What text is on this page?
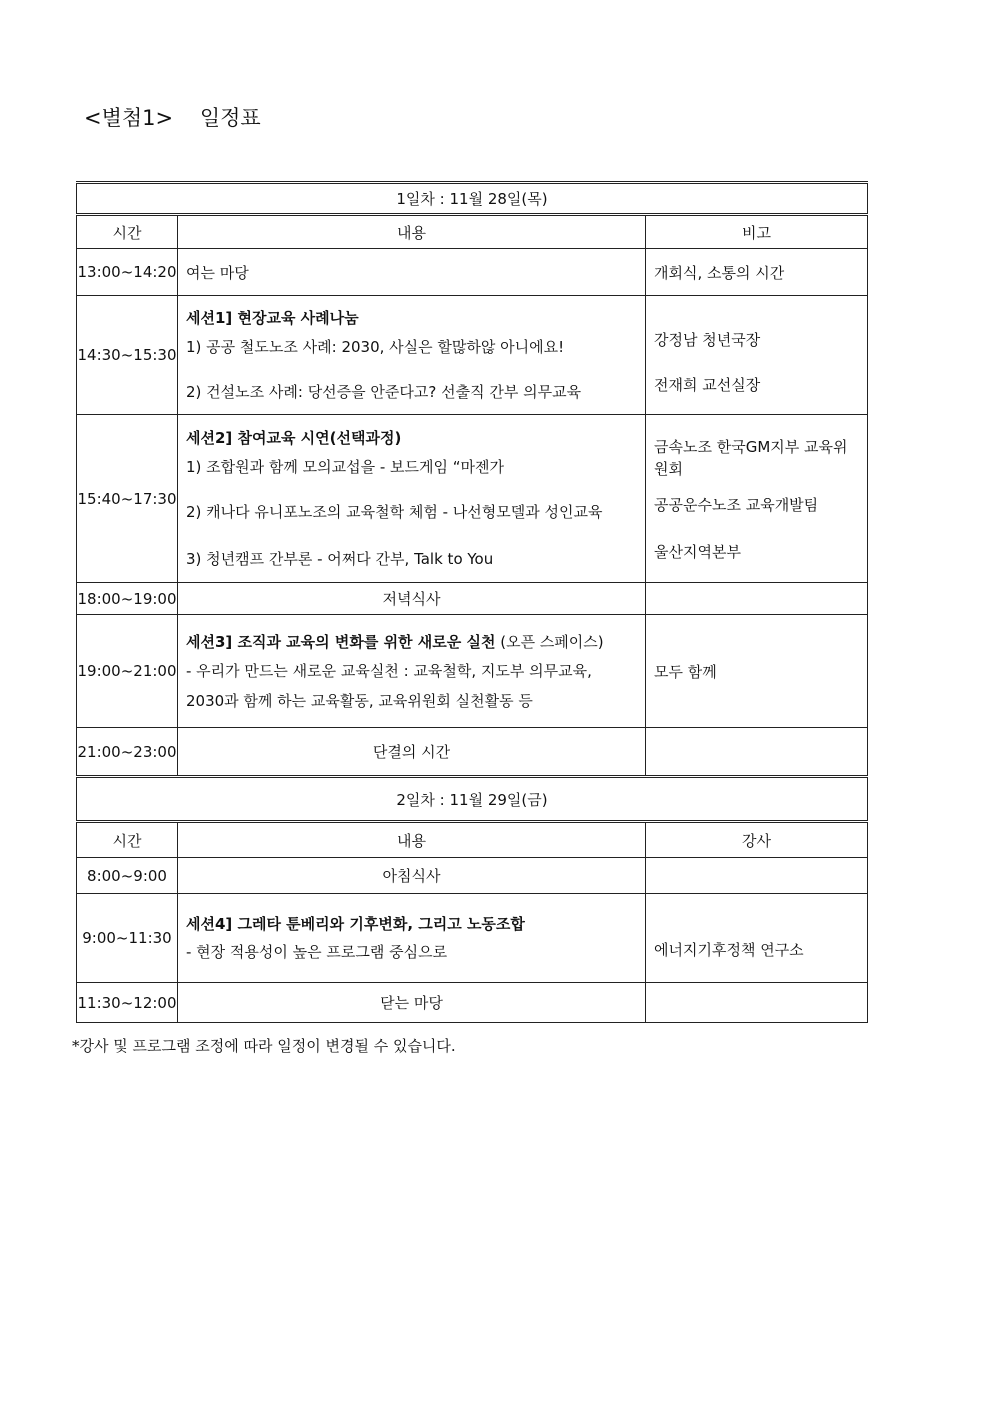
<별첨1> 일정표
1일차 : 11월 28일(목)		
시간	내용	비고
13:00~14:20	여는 마당	개회식, 소통의 시간
14:30~15:30	세션1] 현장교육 사례나눔
1) 공공 철도노조 사례: 2030, 사실은 할많하않 아니에요!
2) 건설노조 사례: 당선증을 안준다고? 선출직 간부 의무교육	강정남 청년국장
전재희 교선실장

15:40~17:30	세션2] 참여교육 시연(선택과정)
1) 조합원과 함께 모의교섭을 - 보드게임 “마젠가
2) 캐나다 유니포노조의 교육철학 체험 - 나선형모델과 성인교육
3) 청년캠프 간부론 - 어쩌다 간부, Talk to You	금속노조 한국GM지부 교육위원회
공공운수노조 교육개발팀
울산지역본부

18:00~19:00	저녁식사	
19:00~21:00	세션3] 조직과 교육의 변화를 위한 새로운 실천 (오픈 스페이스)
- 우리가 만드는 새로운 교육실천 : 교육철학, 지도부 의무교육,
2030과 함께 하는 교육활동, 교육위원회 실천활동 등	모두 함께
21:00~23:00	단결의 시간	
2일차 : 11월 29일(금)		
시간	내용	강사
8:00~9:00	아침식사	
9:00~11:30	세션4] 그레타 툰베리와 기후변화, 그리고 노동조합
- 현장 적용성이 높은 프로그램 중심으로	에너지기후정책 연구소

11:30~12:00	닫는 마당	
*강사 및 프로그램 조정에 따라 일정이 변경될 수 있습니다.
